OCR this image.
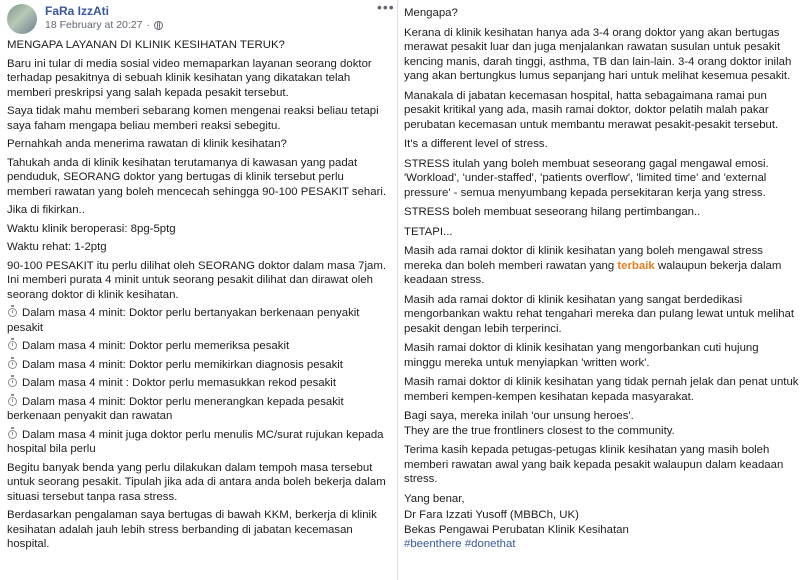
FaRa IzzAti
18 February at 20:27 ·
•••

MENGAPA LAYANAN DI KLINIK KESIHATAN TERUK?

Baru ini tular di media sosial video memaparkan layanan seorang doktor terhadap pesakitnya di sebuah klinik kesihatan yang dikatakan telah memberi preskripsi yang salah kepada pesakit tersebut.

Saya tidak mahu memberi sebarang komen mengenai reaksi beliau tetapi saya faham mengapa beliau memberi reaksi sebegitu.

Pernahkah anda menerima rawatan di klinik kesihatan?

Tahukah anda di klinik kesihatan terutamanya di kawasan yang padat penduduk, SEORANG doktor yang bertugas di klinik tersebut perlu memberi rawatan yang boleh mencecah sehingga 90-100 PESAKIT sehari.

Jika di fikirkan..

Waktu klinik beroperasi: 8pg-5ptg

Waktu rehat: 1-2ptg

90-100 PESAKIT itu perlu dilihat oleh SEORANG doktor dalam masa 7jam. Ini memberi purata 4 minit untuk seorang pesakit dilihat dan dirawat oleh seorang doktor di klinik kesihatan.

Dalam masa 4 minit: Doktor perlu bertanyakan berkenaan penyakit pesakit

Dalam masa 4 minit: Doktor perlu memeriksa pesakit

Dalam masa 4 minit: Doktor perlu memikirkan diagnosis pesakit

Dalam masa 4 minit : Doktor perlu memasukkan rekod pesakit

Dalam masa 4 minit: Doktor perlu menerangkan kepada pesakit berkenaan penyakit dan rawatan

Dalam masa 4 minit juga doktor perlu menulis MC/surat rujukan kepada hospital bila perlu

Begitu banyak benda yang perlu dilakukan dalam tempoh masa tersebut untuk seorang pesakit. Tipulah jika ada di antara anda boleh bekerja dalam situasi tersebut tanpa rasa stress.

Berdasarkan pengalaman saya bertugas di bawah KKM, berkerja di klinik kesihatan adalah jauh lebih stress berbanding di jabatan kecemasan hospital.

Mengapa?

Kerana di klinik kesihatan hanya ada 3-4 orang doktor yang akan bertugas merawat pesakit luar dan juga menjalankan rawatan susulan untuk pesakit kencing manis, darah tinggi, asthma, TB dan lain-lain. 3-4 orang doktor inilah yang akan bertungkus lumus sepanjang hari untuk melihat kesemua pesakit.

Manakala di jabatan kecemasan hospital, hatta sebagaimana ramai pun pesakit kritikal yang ada, masih ramai doktor, doktor pelatih malah pakar perubatan kecemasan untuk membantu merawat pesakit-pesakit tersebut.

It's a different level of stress.

STRESS itulah yang boleh membuat seseorang gagal mengawal emosi. 'Workload', 'under-staffed', 'patients overflow', 'limited time' and 'external pressure' - semua menyumbang kepada persekitaran kerja yang stress.

STRESS boleh membuat seseorang hilang pertimbangan..

TETAPI...

Masih ada ramai doktor di klinik kesihatan yang boleh mengawal stress mereka dan boleh memberi rawatan yang terbaik walaupun bekerja dalam keadaan stress.

Masih ada ramai doktor di klinik kesihatan yang sangat berdedikasi mengorbankan waktu rehat tengahari mereka dan pulang lewat untuk melihat pesakit dengan lebih terperinci.

Masih ramai doktor di klinik kesihatan yang mengorbankan cuti hujung minggu mereka untuk menyiapkan 'written work'.

Masih ramai doktor di klinik kesihatan yang tidak pernah jelak dan penat untuk memberi kempen-kempen kesihatan kepada masyarakat.

Bagi saya, mereka inilah 'our unsung heroes'.

They are the true frontliners closest to the community.

Terima kasih kepada petugas-petugas klinik kesihatan yang masih boleh memberi rawatan awal yang baik kepada pesakit walaupun dalam keadaan stress.

Yang benar,

Dr Fara Izzati Yusoff (MBBCh, UK)

Bekas Pengawai Perubatan Klinik Kesihatan

#beenthere #donethat
